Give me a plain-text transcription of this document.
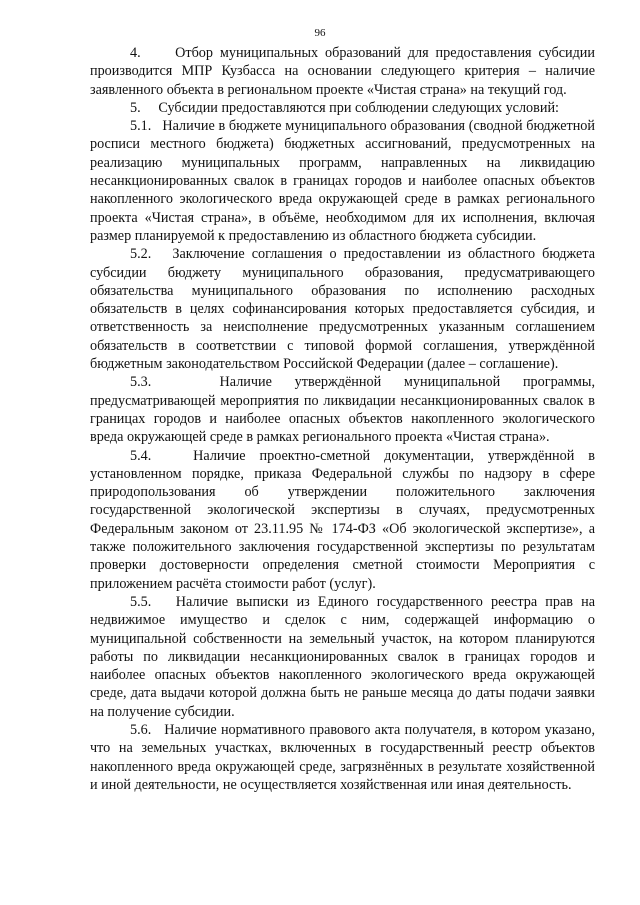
96

4.     Отбор муниципальных образований для предоставления субсидии производится МПР Кузбасса на основании следующего критерия – наличие заявленного объекта в региональном проекте «Чистая страна» на текущий год.

5.     Субсидии предоставляются при соблюдении следующих условий:

5.1.   Наличие в бюджете муниципального образования (сводной бюджетной росписи местного бюджета) бюджетных ассигнований, предусмотренных на реализацию муниципальных программ, направленных на ликвидацию несанкционированных свалок в границах городов и наиболее опасных объектов накопленного экологического вреда окружающей среде в рамках регионального проекта «Чистая страна», в объёме, необходимом для их исполнения, включая размер планируемой к предоставлению из областного бюджета субсидии.

5.2.   Заключение соглашения о предоставлении из областного бюджета субсидии бюджету муниципального образования, предусматривающего обязательства муниципального образования по исполнению расходных обязательств в целях софинансирования которых предоставляется субсидия, и ответственность за неисполнение предусмотренных указанным соглашением обязательств в соответствии с типовой формой соглашения, утверждённой бюджетным законодательством Российской Федерации (далее – соглашение).

5.3.   Наличие утверждённой муниципальной программы, предусматривающей мероприятия по ликвидации несанкционированных свалок в границах городов и наиболее опасных объектов накопленного экологического вреда окружающей среде в рамках регионального проекта «Чистая страна».

5.4.   Наличие проектно-сметной документации, утверждённой в установленном порядке, приказа Федеральной службы по надзору в сфере природопользования об утверждении положительного заключения государственной экологической экспертизы в случаях, предусмотренных Федеральным законом от 23.11.95 № 174-ФЗ «Об экологической экспертизе», а также положительного заключения государственной экспертизы по результатам проверки достоверности определения сметной стоимости Мероприятия с приложением расчёта стоимости работ (услуг).

5.5.   Наличие выписки из Единого государственного реестра прав на недвижимое имущество и сделок с ним, содержащей информацию о муниципальной собственности на земельный участок, на котором планируются работы по ликвидации несанкционированных свалок в границах городов и наиболее опасных объектов накопленного экологического вреда окружающей среде, дата выдачи которой должна быть не раньше месяца до даты подачи заявки на получение субсидии.

5.6.   Наличие нормативного правового акта получателя, в котором указано, что на земельных участках, включенных в государственный реестр объектов накопленного вреда окружающей среде, загрязнённых в результате хозяйственной и иной деятельности, не осуществляется хозяйственная или иная деятельность.
